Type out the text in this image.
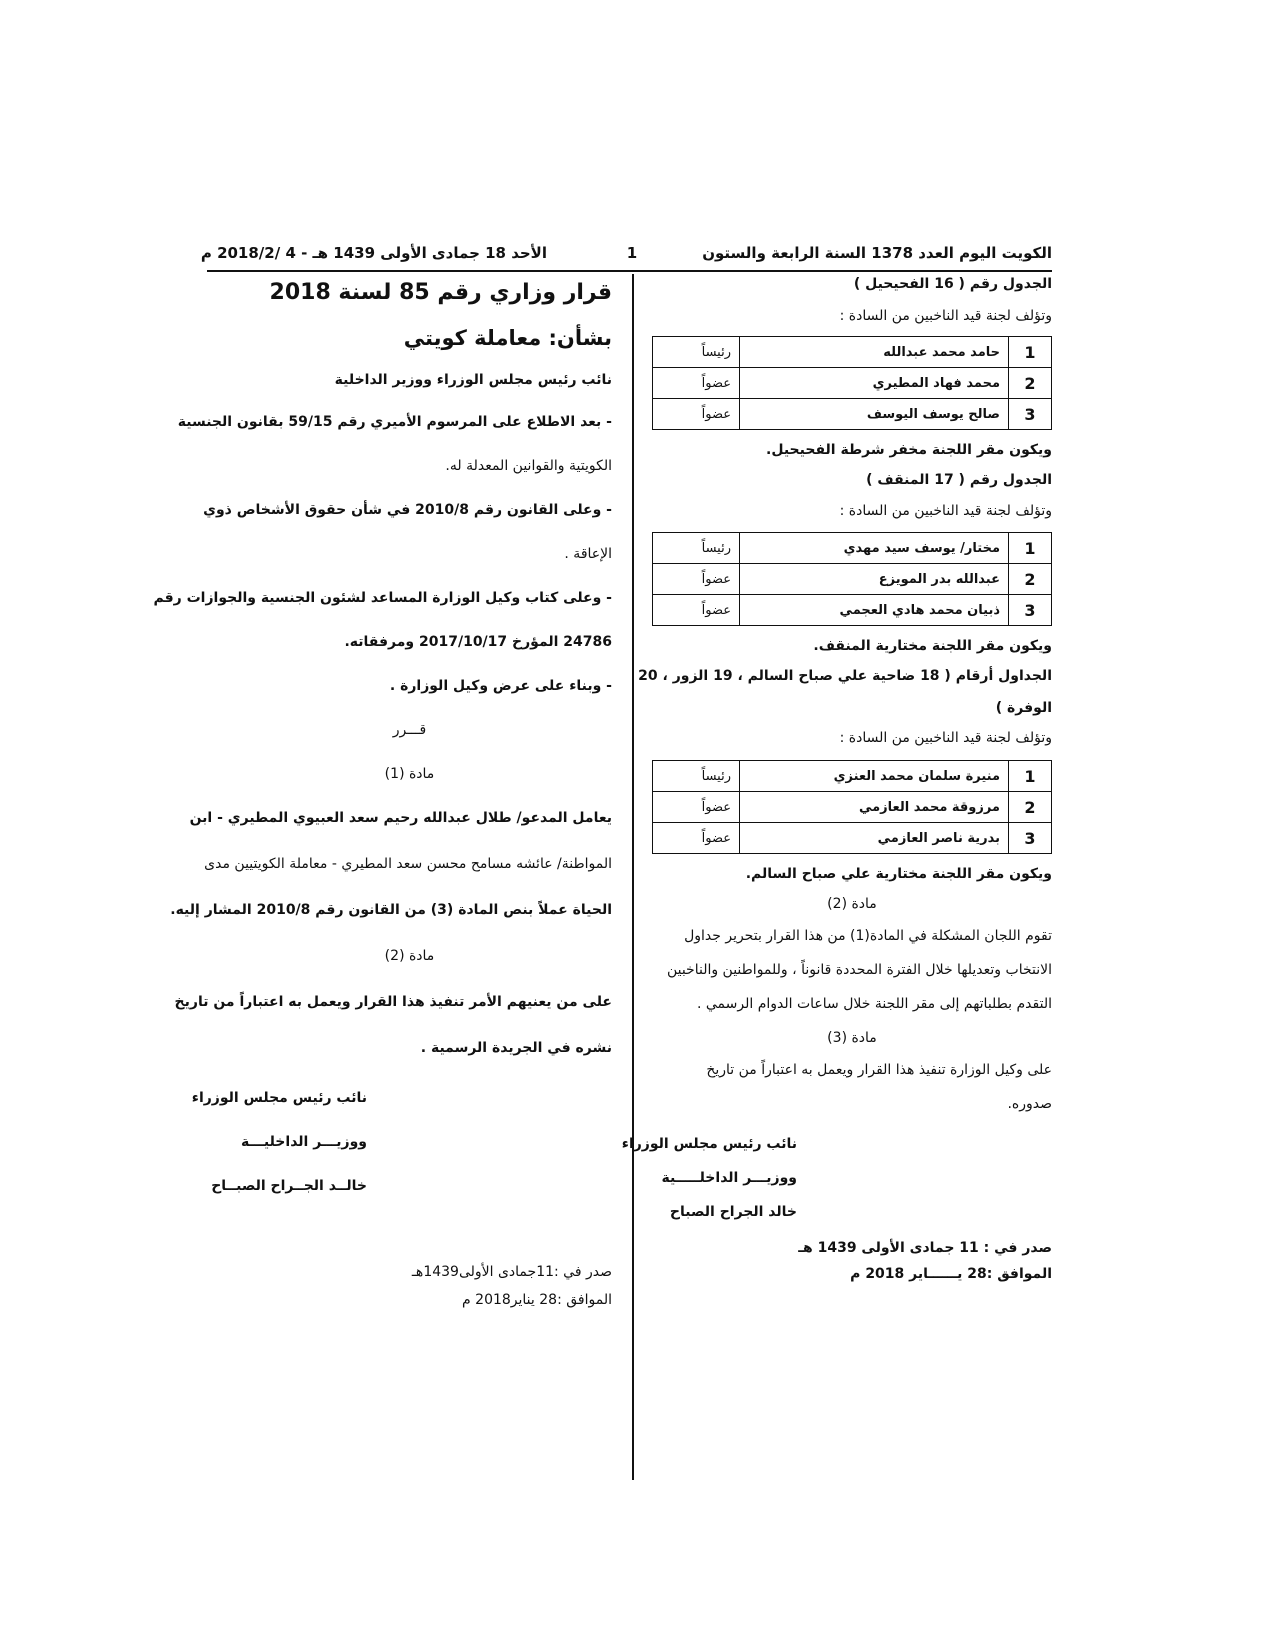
الكويت اليوم العدد 1378 السنة الرابعة والستون
1
الأحد 18 جمادى الأولى 1439 هـ - 4 /2018/2 م
الجدول رقم ( 16 الفحيحيل )
وتؤلف لجنة قيد الناخبين من السادة :
1	حامد محمد عبدالله	رئيساً
2	محمد فهاد المطيري	عضواً
3	صالح يوسف اليوسف	عضواً
ويكون مقر اللجنة مخفر شرطة الفحيحيل.
الجدول رقم ( 17 المنقف )
وتؤلف لجنة قيد الناخبين من السادة :
1	مختار/ يوسف سيد مهدي	رئيساً
2	عبدالله بدر المويزع	عضواً
3	ذبيان محمد هادي العجمي	عضواً
ويكون مقر اللجنة مختارية المنقف.
الجداول أرقام ( 18 ضاحية علي صباح السالم ، 19 الزور ، 20
الوفرة )
وتؤلف لجنة قيد الناخبين من السادة :
1	منيرة سلمان محمد العنزي	رئيساً
2	مرزوقة محمد العازمي	عضواً
3	بدرية ناصر العازمي	عضواً
ويكون مقر اللجنة مختارية علي صباح السالم.
مادة (2)
تقوم اللجان المشكلة في المادة(1) من هذا القرار بتحرير جداول
الانتخاب وتعديلها خلال الفترة المحددة قانوناً ، وللمواطنين والناخبين
التقدم بطلباتهم إلى مقر اللجنة خلال ساعات الدوام الرسمي .
مادة (3)
على وكيل الوزارة تنفيذ هذا القرار ويعمل به اعتباراً من تاريخ
صدوره.
نائب رئيس مجلس الوزراء
ووزيـــر الداخلـــــية
خالد الجراح الصباح
صدر في : 11 جمادى الأولى 1439 هـ
الموافق :28 يــــــاير 2018 م
قرار وزاري رقم 85 لسنة 2018
بشأن: معاملة كويتي
نائب رئيس مجلس الوزراء ووزير الداخلية
- بعد الاطلاع على المرسوم الأميري رقم 59/15 بقانون الجنسية
الكويتية والقوانين المعدلة له.
- وعلى القانون رقم 2010/8 في شأن حقوق الأشخاص ذوي
الإعاقة .
- وعلى كتاب وكيل الوزارة المساعد لشئون الجنسية والجوازات رقم
24786 المؤرخ 2017/10/17 ومرفقاته.
- وبناء على عرض وكيل الوزارة .
قـــرر
مادة (1)
يعامل المدعو/ طلال عبدالله رحيم سعد العبيوي المطيري - ابن
المواطنة/ عائشه مسامح محسن سعد المطيري - معاملة الكويتيين مدى
الحياة عملاً بنص المادة (3) من القانون رقم 2010/8 المشار إليه.
مادة (2)
على من يعنيهم الأمر تنفيذ هذا القرار ويعمل به اعتباراً من تاريخ
نشره في الجريدة الرسمية .
نائب رئيس مجلس الوزراء
ووزيـــر الداخليـــة
خالــد الجــراح الصبــاح
صدر في :11جمادى الأولى1439هـ
الموافق :28 يناير2018 م
